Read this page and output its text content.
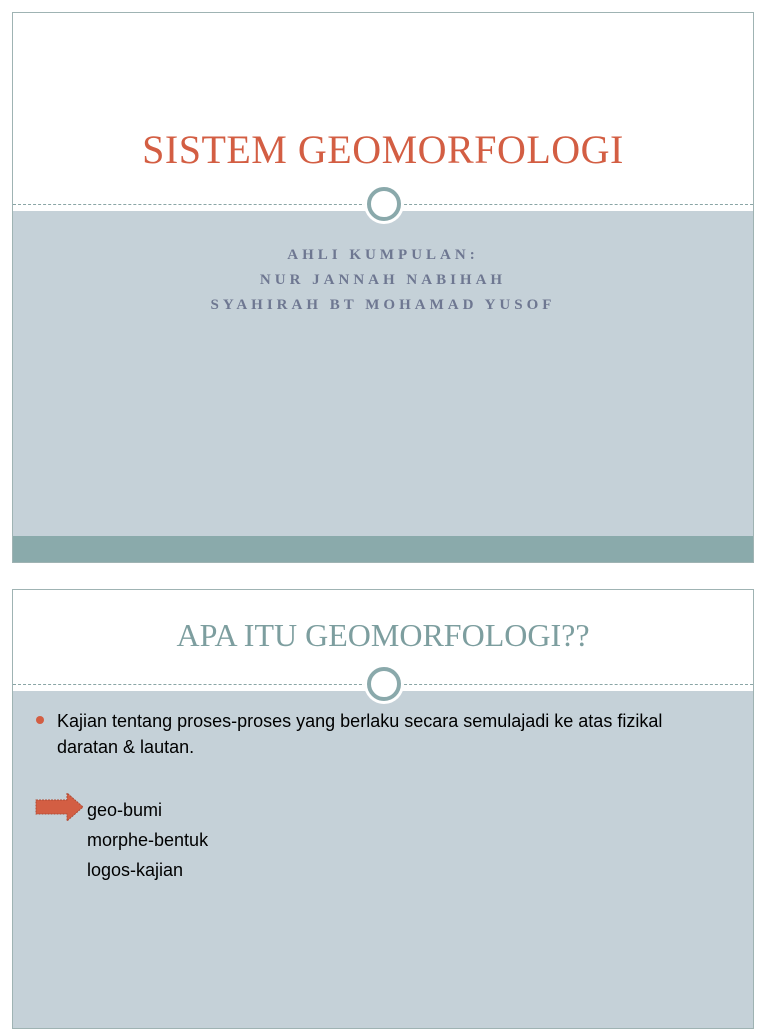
SISTEM GEOMORFOLOGI
AHLI KUMPULAN:
NUR JANNAH NABIHAH
SYAHIRAH BT MOHAMAD YUSOF
APA ITU GEOMORFOLOGI??
Kajian tentang proses-proses yang berlaku secara semulajadi ke atas fizikal daratan & lautan.
geo-bumi
morphe-bentuk
logos-kajian
